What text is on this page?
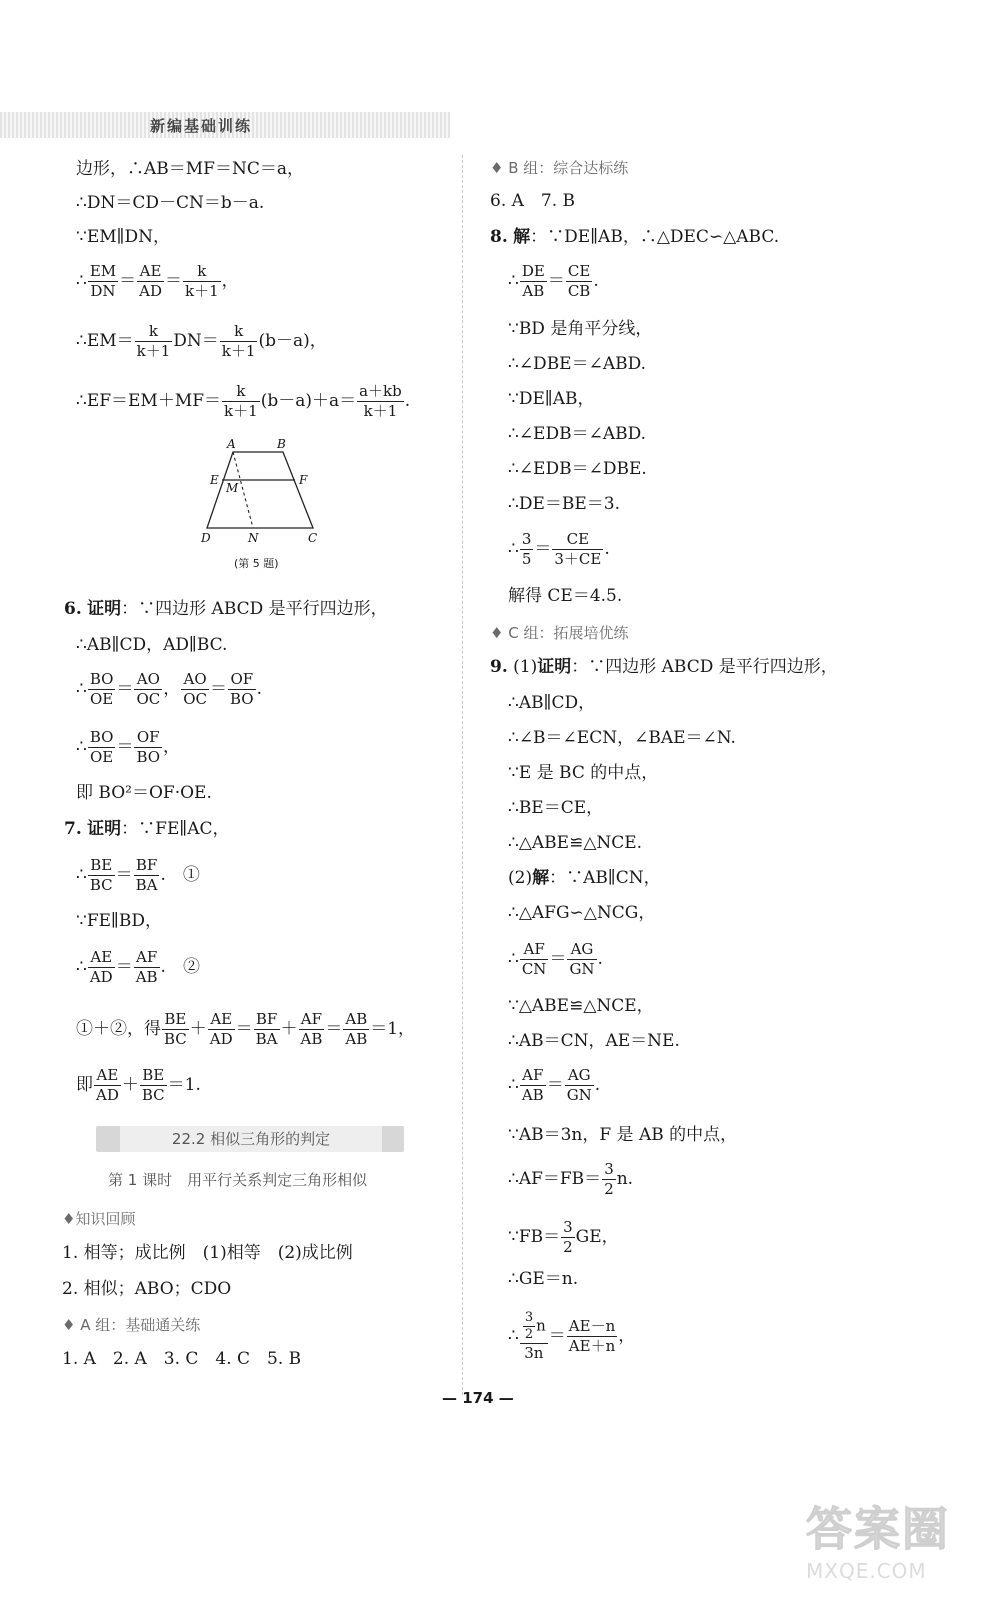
新编基础训练
边形，∴AB＝MF＝NC＝a，
∴DN＝CD－CN＝b－a.
∵EM∥DN，
∴ $\frac{EM}{DN} = \frac{AE}{AD} = \frac{k}{k+1}$ ，
∴EM＝ $\frac{k}{k+1} DN= \frac{k}{k+1} (b-a)$，
∴EF＝EM＋MF＝ $\frac{k}{k+1} (b-a)+a= \frac{a+kb}{k+1}$ .
A	B
E
M
F
D	N	C
(第 5 题)
6. 证明：∵四边形 ABCD 是平行四边形，
∴AB∥CD，AD∥BC.
∴ $\frac{BO}{OE} = \frac{AO}{OC}$ ， $\frac{AO}{OC} = \frac{OF}{BO}$ .
∴ $\frac{BO}{OE} = \frac{OF}{BO}$ ，
即 BO²＝OF·OE.
7. 证明：∵FE∥AC，
∴ $\frac{BE}{BC} = \frac{BF}{BA}$ .　①
∵FE∥BD，
∴ $\frac{AE}{AD} = \frac{AF}{AB}$ .　②
①＋②，得 $\frac{BE}{BC} + \frac{AE}{AD} = \frac{BF}{BA} + \frac{AF}{AB} = \frac{AB}{AB} =1$，
即 $\frac{AE}{AD} + \frac{BE}{BC} =1$.
22.2 相似三角形的判定
第 1 课时　用平行关系判定三角形相似
♦知识回顾
1. 相等；成比例　(1)相等　(2)成比例
2. 相似；ABO；CDO
♦ A 组：基础通关练
1. A　2. A　3. C　4. C　5. B
♦ B 组：综合达标练
6. A　7. B
8. 解：∵DE∥AB，∴△DEC∽△ABC.
∴ $\frac{DE}{AB} = \frac{CE}{CB}$ .
∵BD 是角平分线，
∴∠DBE＝∠ABD.
∵DE∥AB，
∴∠EDB＝∠ABD.
∴∠EDB＝∠DBE.
∴DE＝BE＝3.
∴ $\frac{3}{5} = \frac{CE}{3+CE}$ .
解得 CE＝4.5.
♦ C 组：拓展培优练
9. (1)证明：∵四边形 ABCD 是平行四边形，
∴AB∥CD，
∴∠B＝∠ECN，∠BAE＝∠N.
∵E 是 BC 的中点，
∴BE＝CE，
∴△ABE≌△NCE.
(2)解：∵AB∥CN，
∴△AFG∽△NCG，
∴ $\frac{AF}{CN} = \frac{AG}{GN}$ .
∵△ABE≌△NCE，
∴AB＝CN，AE＝NE.
∴ $\frac{AF}{AB} = \frac{AG}{GN}$ .
∵AB＝3n，F 是 AB 的中点，
∴AF＝FB＝ $\frac{3}{2} n$.
∵FB＝ $\frac{3}{2}$ GE，
∴GE＝n.
∴ $\frac{\frac{3}{2} n}{3n} = \frac{AE-n}{AE+n}$ ，
— 174 —
答案圈
MXQE.COM
